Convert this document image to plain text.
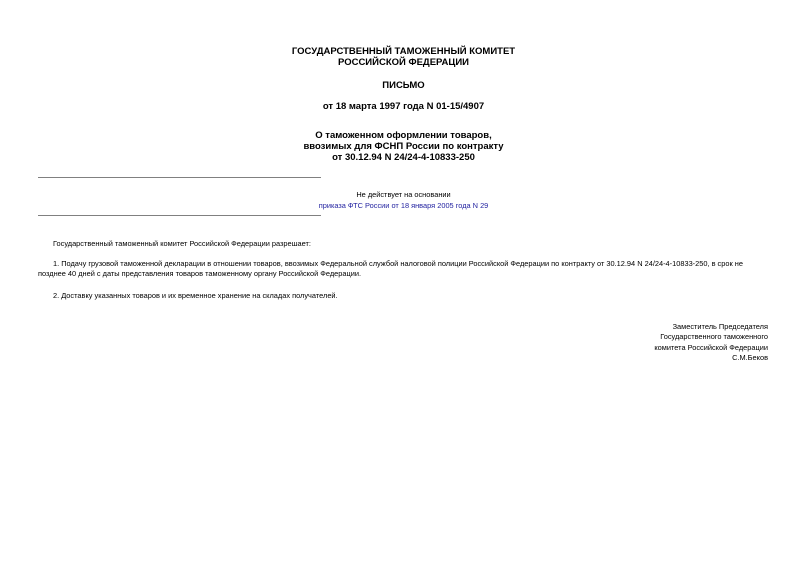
ГОСУДАРСТВЕННЫЙ ТАМОЖЕННЫЙ КОМИТЕТ
РОССИЙСКОЙ ФЕДЕРАЦИИ
ПИСЬМО
от 18 марта 1997 года N 01-15/4907
О таможенном оформлении товаров,
ввозимых для ФСНП России по контракту
от 30.12.94 N 24/24-4-10833-250
Не действует на основании
приказа ФТС России от 18 января 2005 года N 29
Государственный таможенный комитет Российской Федерации разрешает:
1. Подачу грузовой таможенной декларации в отношении товаров, ввозимых Федеральной службой налоговой полиции Российской Федерации по контракту от 30.12.94 N 24/24-4-10833-250, в срок не позднее 40 дней с даты представления товаров таможенному органу Российской Федерации.
2. Доставку указанных товаров и их временное хранение на складах получателей.
Заместитель Председателя
Государственного таможенного
комитета Российской Федерации
С.М.Беков
